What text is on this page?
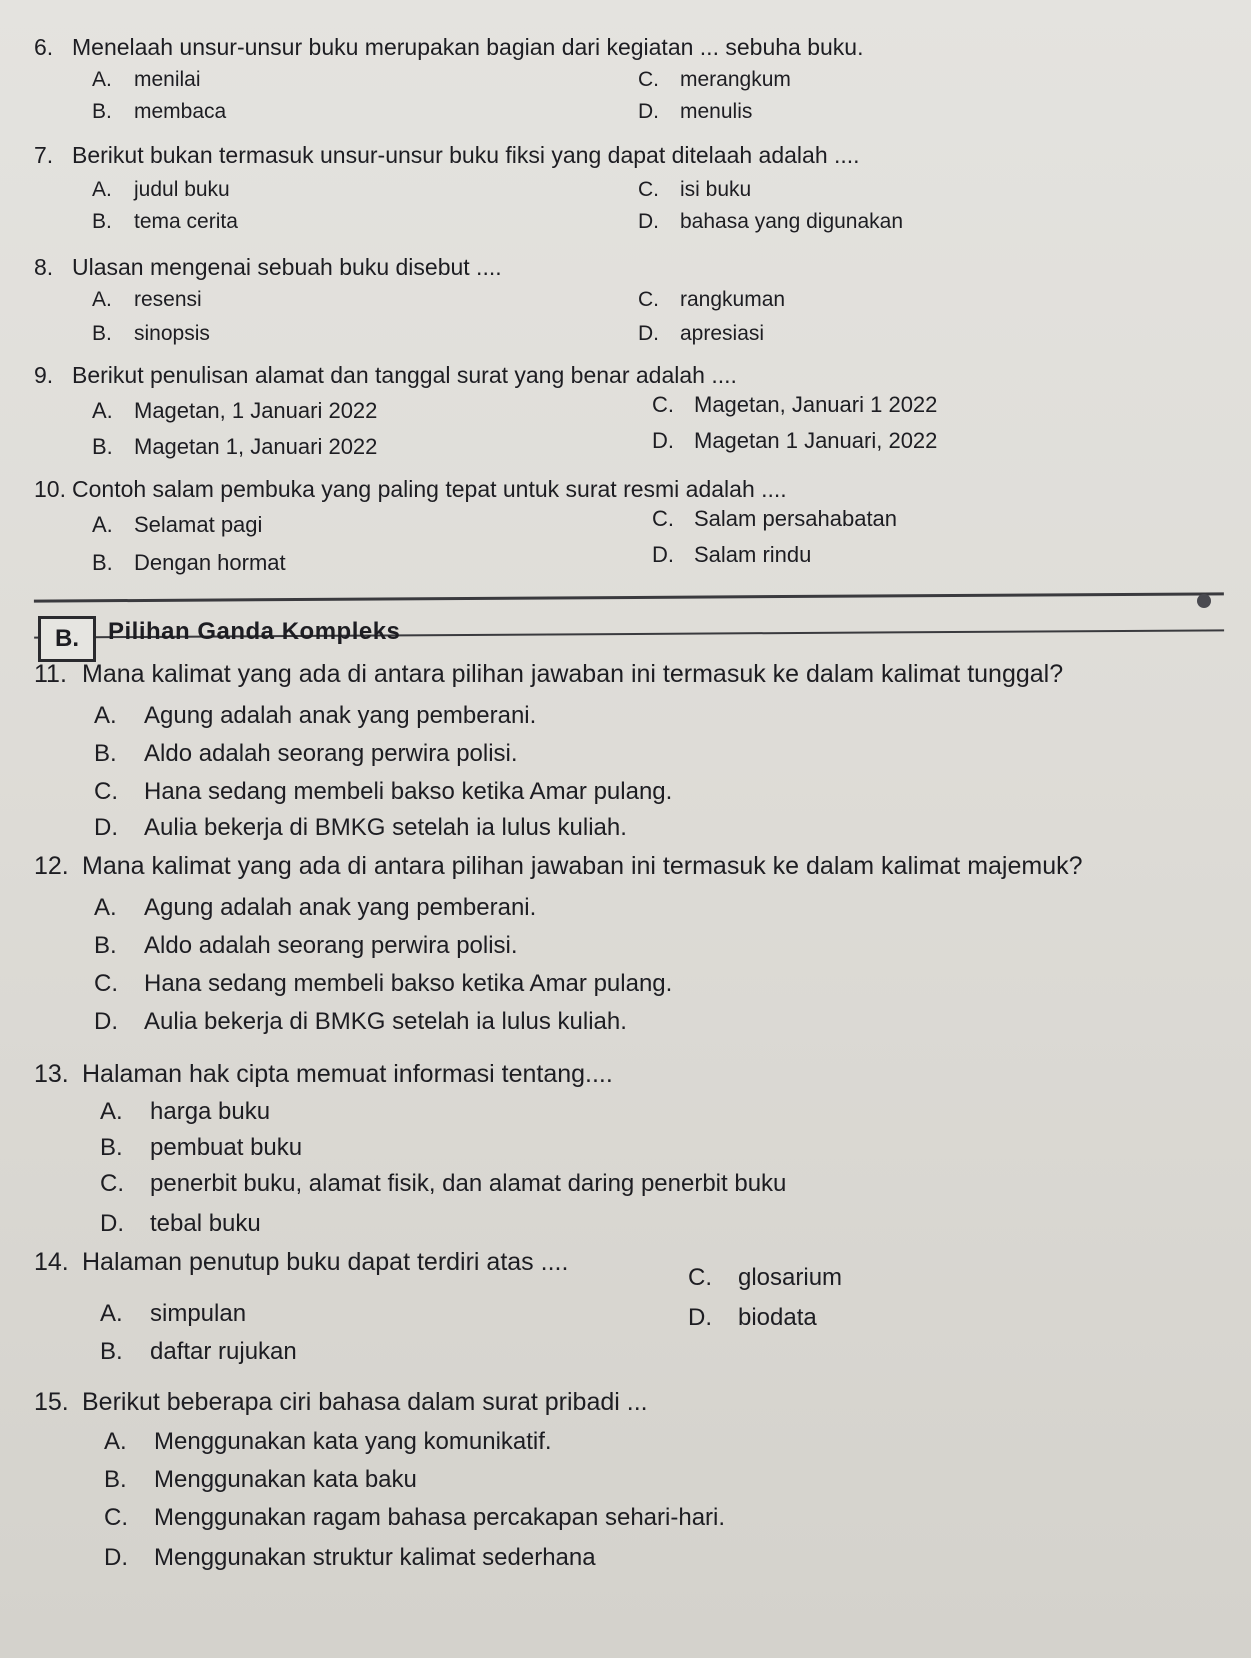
6. Menelaah unsur-unsur buku merupakan bagian dari kegiatan ... sebuha buku.
A. menilai
B. membaca
C. merangkum
D. menulis
7. Berikut bukan termasuk unsur-unsur buku fiksi yang dapat ditelaah adalah ....
A. judul buku
B. tema cerita
C. isi buku
D. bahasa yang digunakan
8. Ulasan mengenai sebuah buku disebut ....
A. resensi
B. sinopsis
C. rangkuman
D. apresiasi
9. Berikut penulisan alamat dan tanggal surat yang benar adalah ....
A. Magetan, 1 Januari 2022
B. Magetan 1, Januari 2022
C. Magetan, Januari 1 2022
D. Magetan 1 Januari, 2022
10. Contoh salam pembuka yang paling tepat untuk surat resmi adalah ....
A. Selamat pagi
B. Dengan hormat
C. Salam persahabatan
D. Salam rindu
B.	Pilihan Ganda Kompleks
11. Mana kalimat yang ada di antara pilihan jawaban ini termasuk ke dalam kalimat tunggal?
A. Agung adalah anak yang pemberani.
B. Aldo adalah seorang perwira polisi.
C. Hana sedang membeli bakso ketika Amar pulang.
D. Aulia bekerja di BMKG setelah ia lulus kuliah.
12. Mana kalimat yang ada di antara pilihan jawaban ini termasuk ke dalam kalimat majemuk?
A. Agung adalah anak yang pemberani.
B. Aldo adalah seorang perwira polisi.
C. Hana sedang membeli bakso ketika Amar pulang.
D. Aulia bekerja di BMKG setelah ia lulus kuliah.
13. Halaman hak cipta memuat informasi tentang....
A. harga buku
B. pembuat buku
C. penerbit buku, alamat fisik, dan alamat daring penerbit buku
D. tebal buku
14. Halaman penutup buku dapat terdiri atas ....
A. simpulan
B. daftar rujukan
C. glosarium
D. biodata
15. Berikut beberapa ciri bahasa dalam surat pribadi ...
A. Menggunakan kata yang komunikatif.
B. Menggunakan kata baku
C. Menggunakan ragam bahasa percakapan sehari-hari.
D. Menggunakan struktur kalimat sederhana
